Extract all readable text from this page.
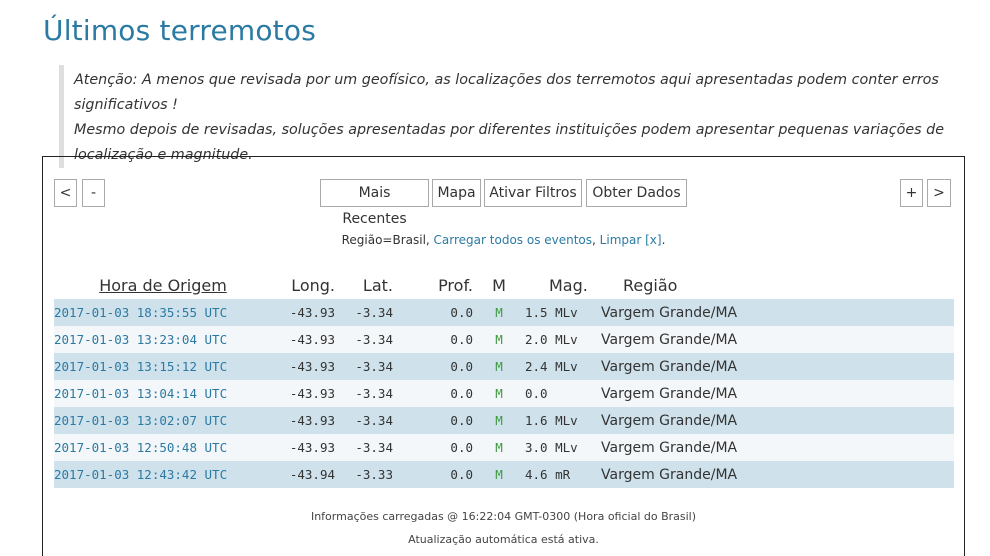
Últimos terremotos
Atenção: A menos que revisada por um geofísico, as localizações dos terremotos aqui apresentadas podem conter erros significativos !
Mesmo depois de revisadas, soluções apresentadas por diferentes instituições podem apresentar pequenas variações de localização e magnitude.
<	-	Mais Recentes
Mapa Ativar Filtros	Obter Dados	+	>
Região=Brasil, Carregar todos os eventos, Limpar [x].
Hora de Origem	Long.	Lat.	Prof.	M	Mag.	Região
2017-01-03 18:35:55 UTC	-43.93	-3.34	0.0	M	1.5 MLv	Vargem Grande/MA
2017-01-03 13:23:04 UTC	-43.93	-3.34	0.0	M	2.0 MLv	Vargem Grande/MA
2017-01-03 13:15:12 UTC	-43.93	-3.34	0.0	M	2.4 MLv	Vargem Grande/MA
2017-01-03 13:04:14 UTC	-43.93	-3.34	0.0	M	0.0	Vargem Grande/MA
2017-01-03 13:02:07 UTC	-43.93	-3.34	0.0	M	1.6 MLv	Vargem Grande/MA
2017-01-03 12:50:48 UTC	-43.93	-3.34	0.0	M	3.0 MLv	Vargem Grande/MA
2017-01-03 12:43:42 UTC	-43.94	-3.33	0.0	M	4.6 mR	Vargem Grande/MA
Informações carregadas @ 16:22:04 GMT-0300 (Hora oficial do Brasil)
Atualização automática está ativa.
